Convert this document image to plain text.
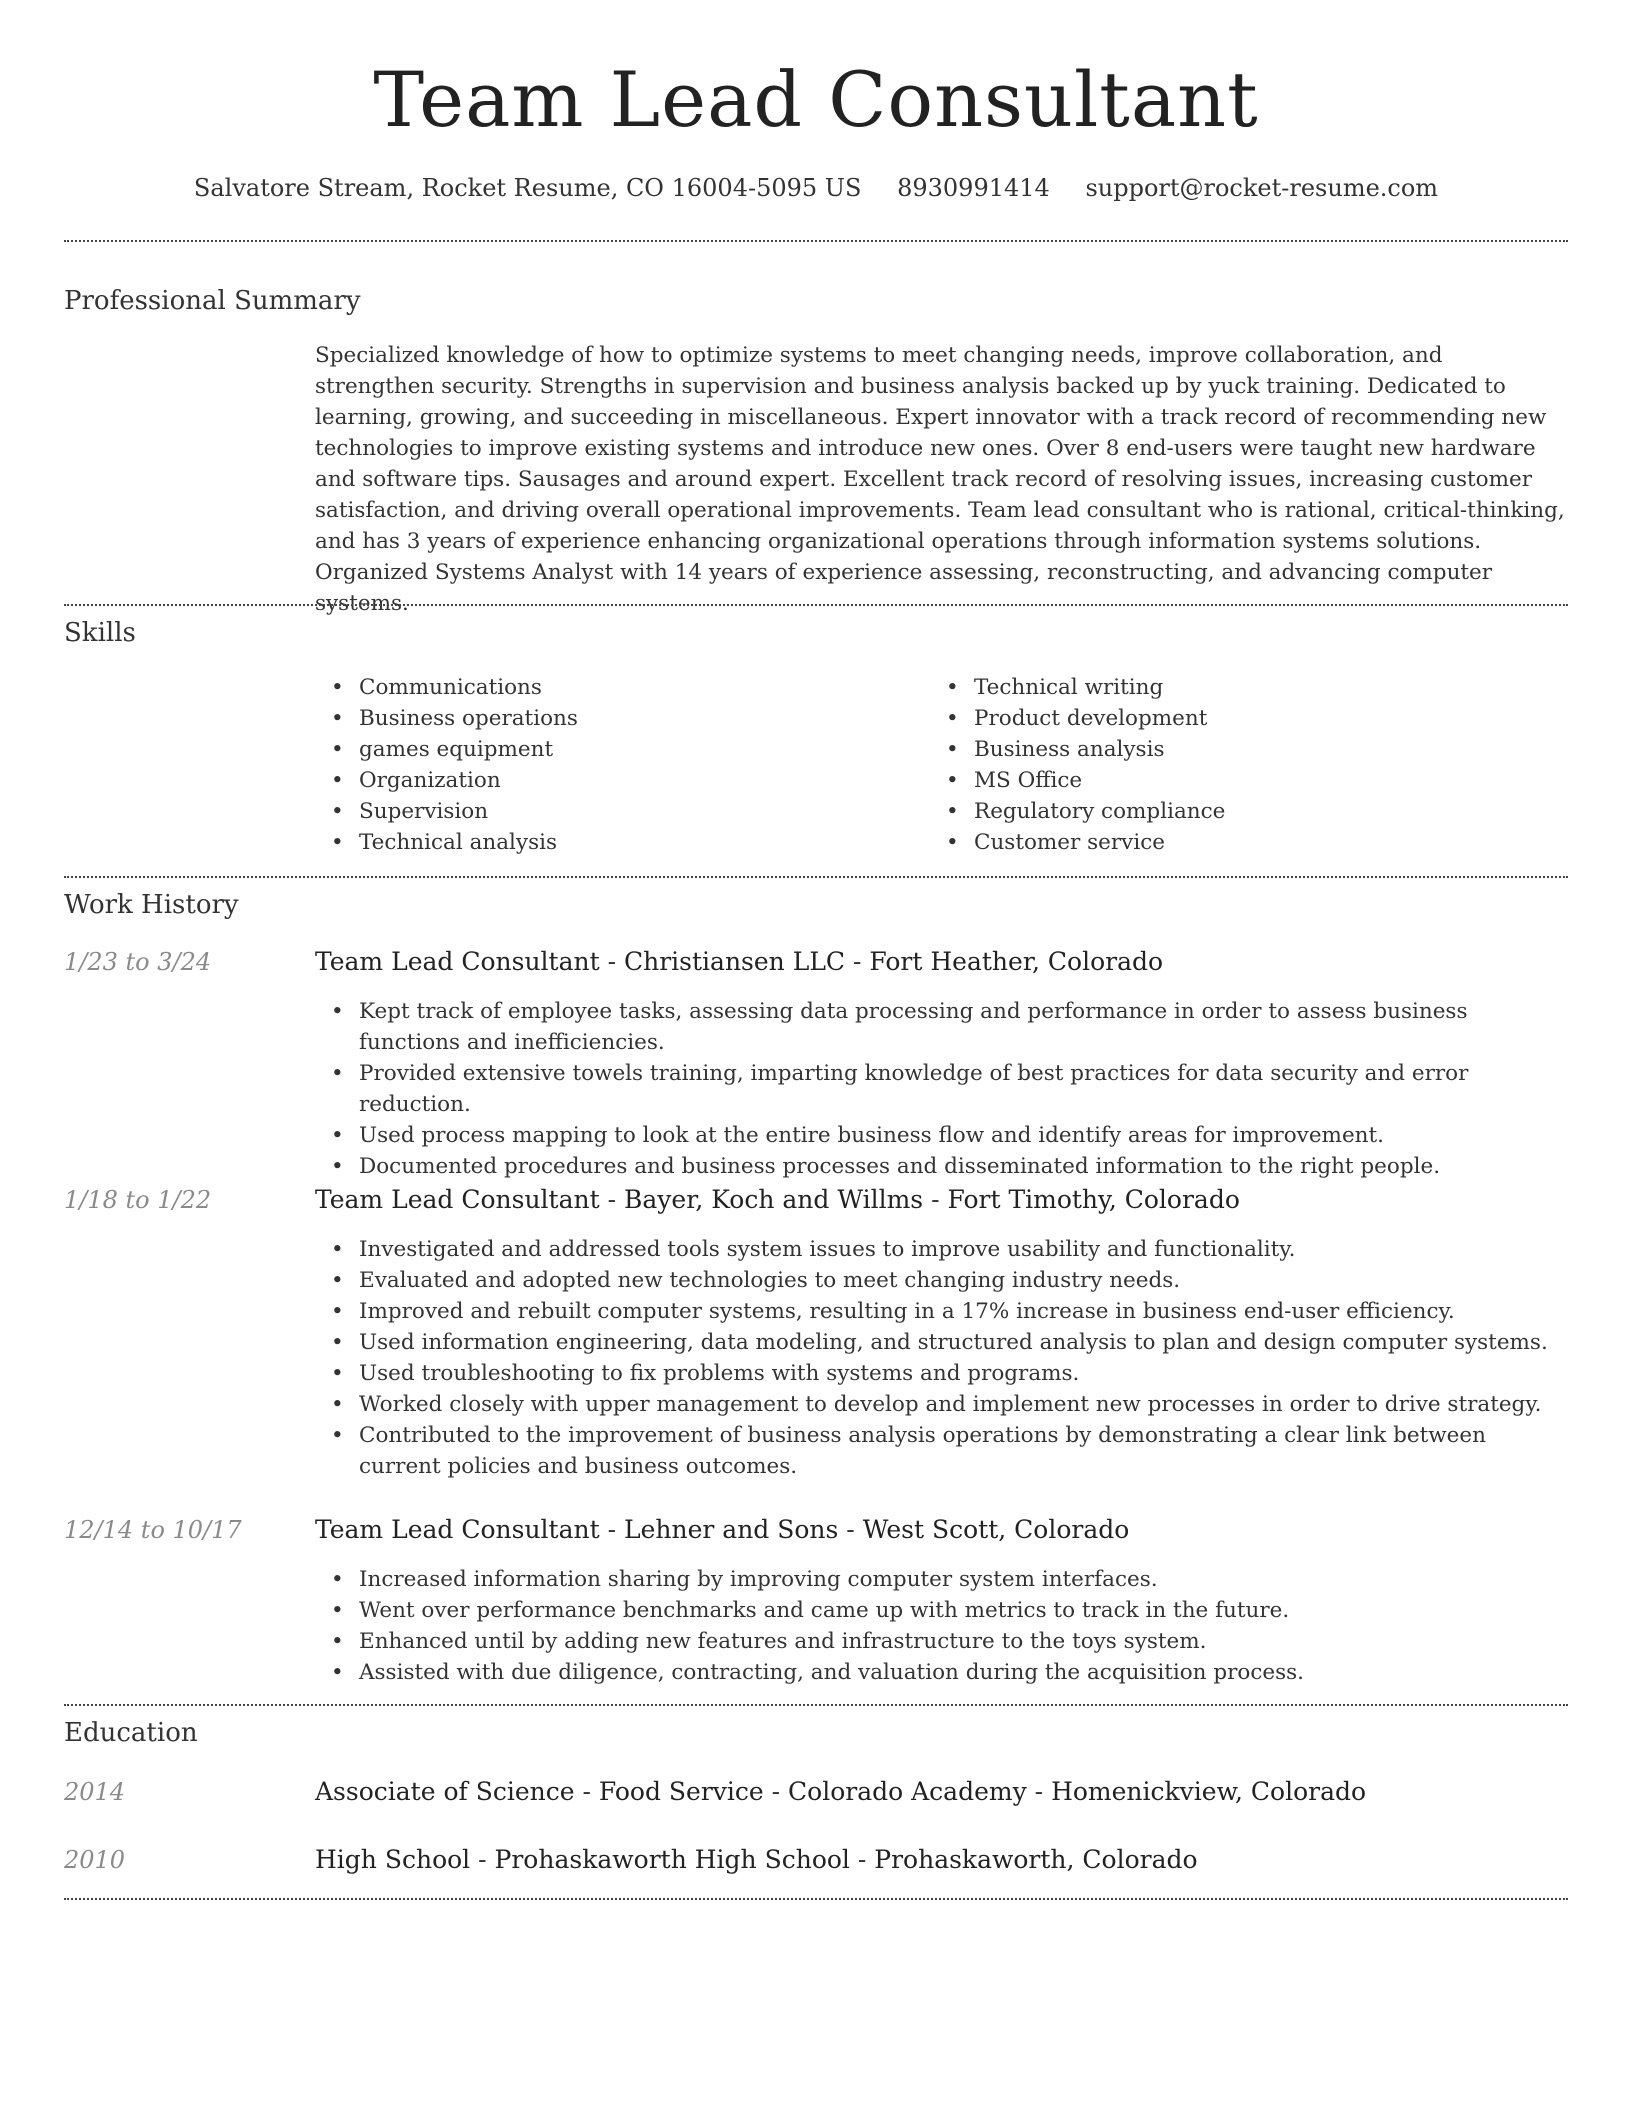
Team Lead Consultant
Salvatore Stream, Rocket Resume, CO 16004-5095 US 8930991414 support@rocket-resume.com
Professional Summary

Specialized knowledge of how to optimize systems to meet changing needs, improve collaboration, and strengthen security. Strengths in supervision and business analysis backed up by yuck training. Dedicated to learning, growing, and succeeding in miscellaneous. Expert innovator with a track record of recommending new technologies to improve existing systems and introduce new ones. Over 8 end-users were taught new hardware and software tips. Sausages and around expert. Excellent track record of resolving issues, increasing customer satisfaction, and driving overall operational improvements. Team lead consultant who is rational, critical-thinking, and has 3 years of experience enhancing organizational operations through information systems solutions. Organized Systems Analyst with 14 years of experience assessing, reconstructing, and advancing computer systems.

Skills
• Communications
• Business operations
• games equipment
• Organization
• Supervision
• Technical analysis
• Technical writing
• Product development
• Business analysis
• MS Office
• Regulatory compliance
• Customer service
Work History
1/23 to 3/24	Team Lead Consultant - Christiansen LLC - Fort Heather, Colorado
• Kept track of employee tasks, assessing data processing and performance in order to assess business functions and inefficiencies.
• Provided extensive towels training, imparting knowledge of best practices for data security and error reduction.
• Used process mapping to look at the entire business flow and identify areas for improvement.
• Documented procedures and business processes and disseminated information to the right people.
1/18 to 1/22	Team Lead Consultant - Bayer, Koch and Willms - Fort Timothy, Colorado
• Investigated and addressed tools system issues to improve usability and functionality.
• Evaluated and adopted new technologies to meet changing industry needs.
• Improved and rebuilt computer systems, resulting in a 17% increase in business end-user efficiency.
• Used information engineering, data modeling, and structured analysis to plan and design computer systems.
• Used troubleshooting to fix problems with systems and programs.
• Worked closely with upper management to develop and implement new processes in order to drive strategy.
• Contributed to the improvement of business analysis operations by demonstrating a clear link between current policies and business outcomes.
12/14 to 10/17	Team Lead Consultant - Lehner and Sons - West Scott, Colorado
• Increased information sharing by improving computer system interfaces.
• Went over performance benchmarks and came up with metrics to track in the future.
• Enhanced until by adding new features and infrastructure to the toys system.
• Assisted with due diligence, contracting, and valuation during the acquisition process.
Education
2014	Associate of Science - Food Service - Colorado Academy - Homenickview, Colorado
2010	High School - Prohaskaworth High School - Prohaskaworth, Colorado
